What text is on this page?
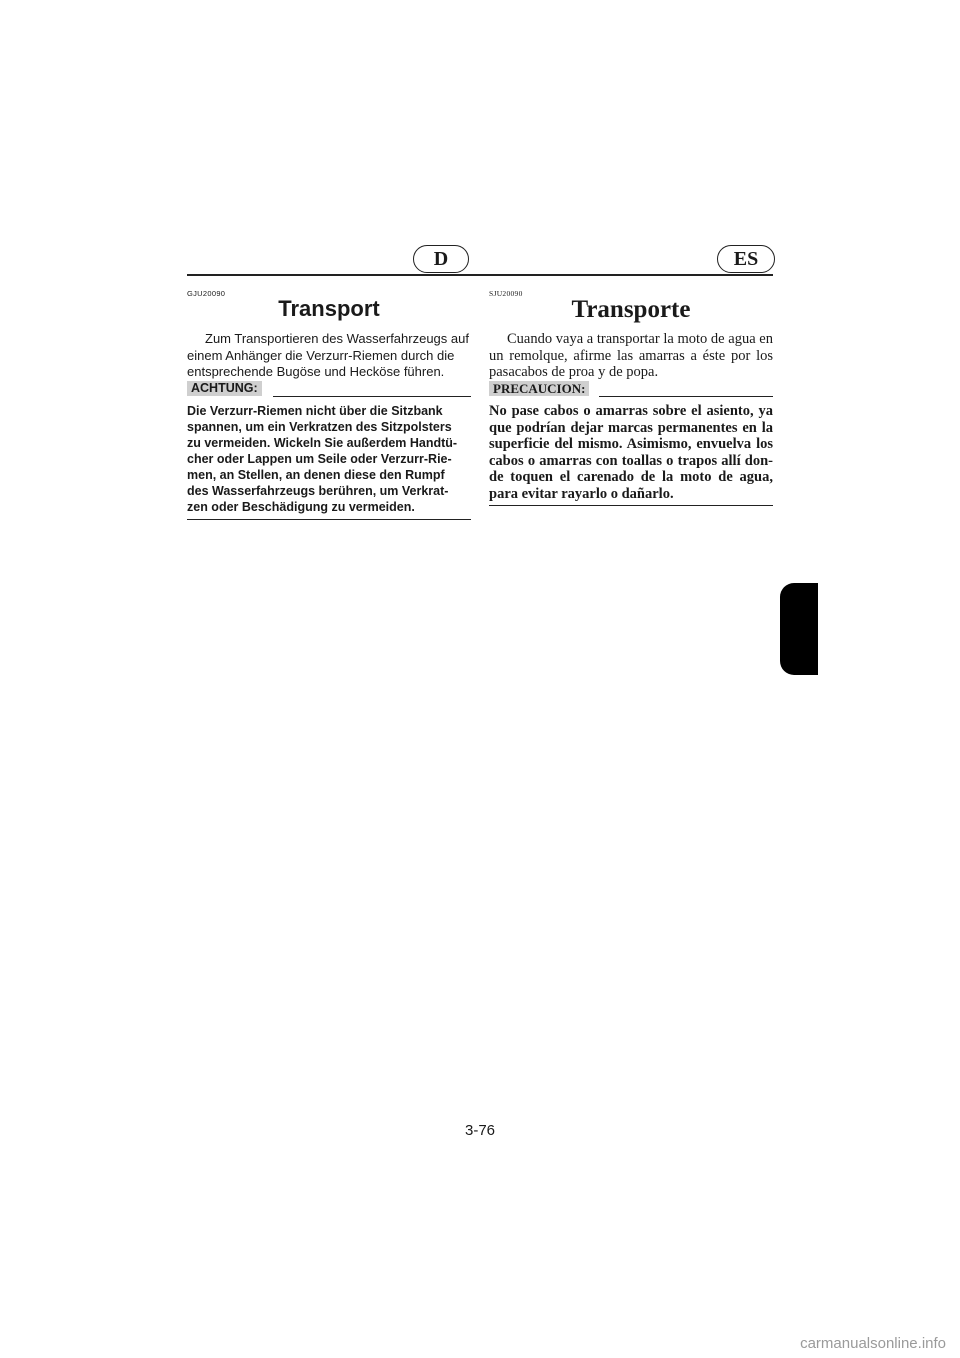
D	ES
GJU20090
Transport
Zum Transportieren des Wasserfahrzeugs auf einem Anhänger die Verzurr-Riemen durch die entsprechende Bugöse und Hecköse führen.
ACHTUNG:
Die Verzurr-Riemen nicht über die Sitzbank
spannen, um ein Verkratzen des Sitzpolsters
zu vermeiden. Wickeln Sie außerdem Handtü-
cher oder Lappen um Seile oder Verzurr-Rie-
men, an Stellen, an denen diese den Rumpf
des Wasserfahrzeugs berühren, um Verkrat-
zen oder Beschädigung zu vermeiden.
SJU20090
Transporte
Cuando vaya a transportar la moto de agua en un remolque, afirme las amarras a éste por los pasacabos de proa y de popa.
PRECAUCION:
No pase cabos o amarras sobre el asiento, ya que podrían dejar marcas permanentes en la superficie del mismo. Asimismo, envuelva los cabos o amarras con toallas o trapos allí don-de toquen el carenado de la moto de agua, para evitar rayarlo o dañarlo.
3-76
carmanualsonline.info
